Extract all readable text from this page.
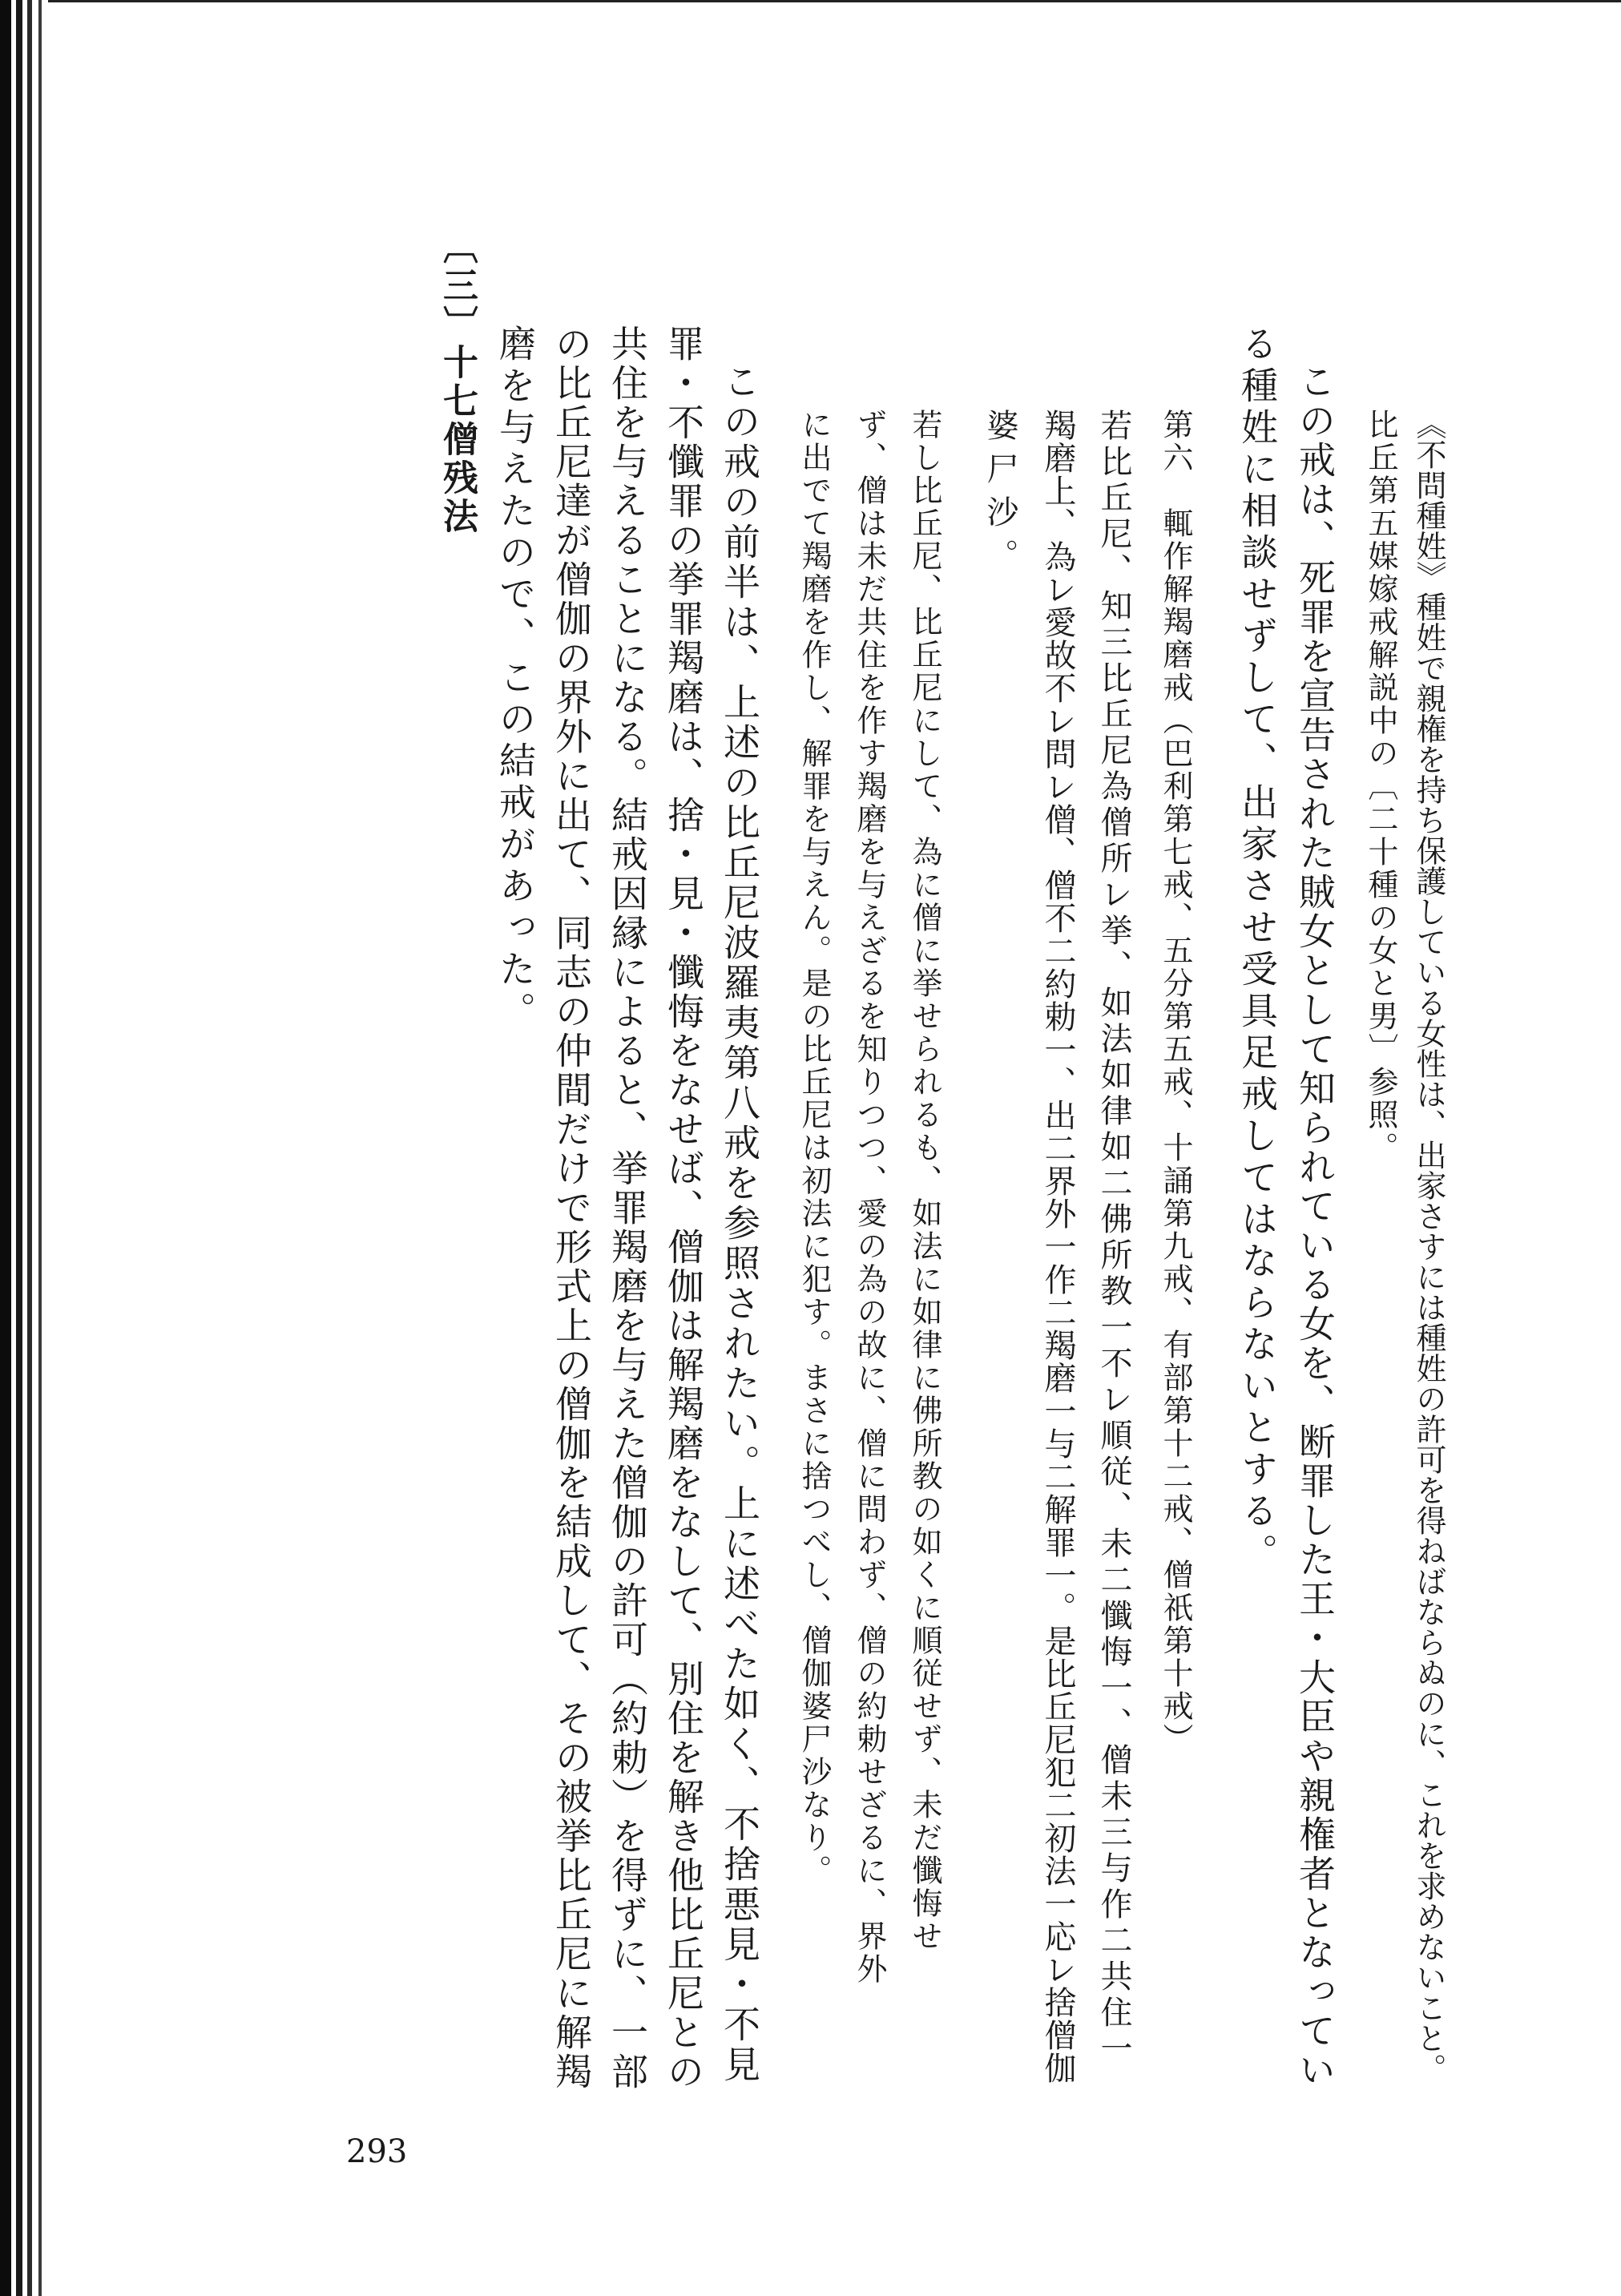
〔三〕十七僧残法
《不問種姓》種姓で親権を持ち保護している女性は、出家さすには種姓の許可を得ねばならぬのに、これを求めないこと。
比丘第五媒嫁戒解説中の〔二十種の女と男〕参照。
この戒は、死罪を宣告された賊女として知られている女を、断罪した王・大臣や親権者となってい
る種姓に相談せずして、出家させ受具足戒してはならないとする。
第六　輒作解羯磨戒（巴利第七戒、五分第五戒、十誦第九戒、有部第十二戒、僧祇第十戒）
若比丘尼、知三比丘尼為僧所レ挙、如法如律如二佛所教一不レ順従、未二懺悔一、僧未三与作二共住一
羯磨上、為レ愛故不レ問レ僧、僧不二約勅一、出二界外一作二羯磨一与二解罪一。是比丘尼犯二初法一応レ捨僧伽
婆尸沙。
若し比丘尼、比丘尼にして、為に僧に挙せられるも、如法に如律に佛所教の如くに順従せず、未だ懺悔せ
ず、僧は未だ共住を作す羯磨を与えざるを知りつつ、愛の為の故に、僧に問わず、僧の約勅せざるに、界外
に出でて羯磨を作し、解罪を与えん。是の比丘尼は初法に犯す。まさに捨つべし、僧伽婆尸沙なり。
この戒の前半は、上述の比丘尼波羅夷第八戒を参照されたい。上に述べた如く、不捨悪見・不見
罪・不懺罪の挙罪羯磨は、捨・見・懺悔をなせば、僧伽は解羯磨をなして、別住を解き他比丘尼との
共住を与えることになる。結戒因縁によると、挙罪羯磨を与えた僧伽の許可（約勅）を得ずに、一部
の比丘尼達が僧伽の界外に出て、同志の仲間だけで形式上の僧伽を結成して、その被挙比丘尼に解羯
磨を与えたので、この結戒があった。
293
